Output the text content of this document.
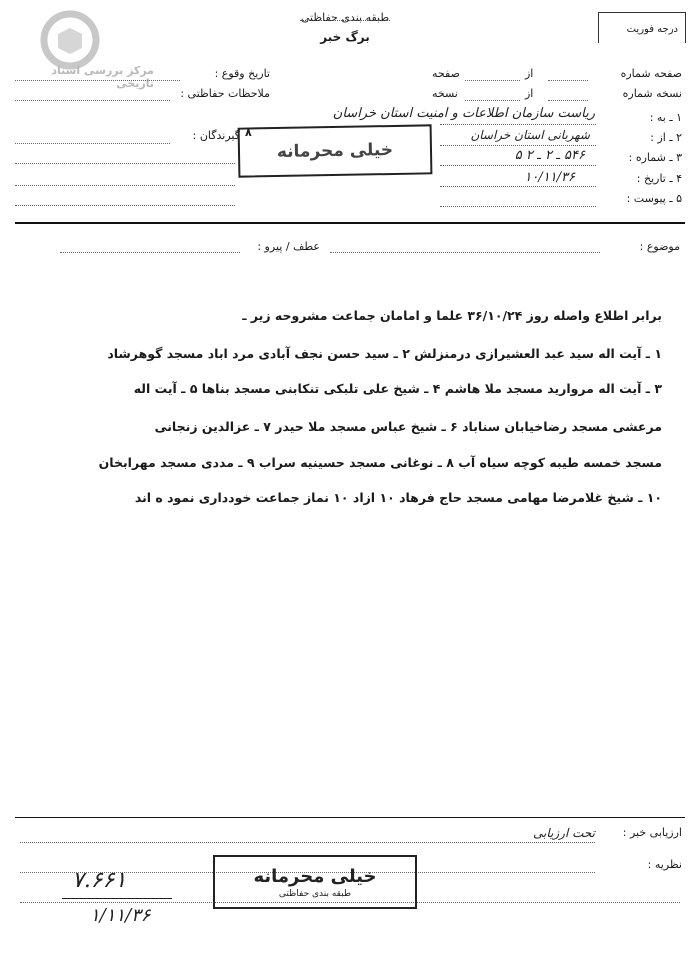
مرکز بررسی اسناد تاریخی
طبقه بندی حفاظتی
برگ خبر
درجه فوریت
صفحه شماره
نسخه شماره
از
از
صفحه
نسخه
تاریخ وقوع :
ملاحظات حفاظتی :
گیرندگان : ۸
۱ ـ به :
۲ ـ از :
۳ ـ شماره :
۴ ـ تاریخ :
۵ ـ پیوست :
ریاست سازمان اطلاعات و امنیت استان خراسان
شهربانی استان خراسان
۵۴۶ ـ ۲ ـ ۲ ۵
۱۰/۱۱/۳۶
خیلی محرمانه
موضوع :
عطف / پیرو :
برابر اطلاع واصله روز ۳۶/۱۰/۲۴ علما و امامان جماعت مشروحه زیر ـ
۱ ـ آیت اله سید عبد العشیرازی درمنزلش ۲ ـ سید حسن نجف آبادی مرد اباد مسجد گوهرشاد
۳ ـ آیت اله مروارید مسجد ملا هاشم ۴ ـ شیخ علی تلبکی تنکابنی مسجد بناها ۵ ـ آیت اله
مرعشی مسجد رضاخیابان سناباد ۶ ـ شیخ عباس مسجد ملا حیدر ۷ ـ عزالدین زنجانی
مسجد خمسه طیبه کوچه سیاه آب ۸ ـ نوغانی مسجد حسینیه سراب ۹ ـ مددی مسجد مهرابخان
۱۰ ـ شیخ غلامرضا مهامی مسجد حاج فرهاد ۱۰ ازاد ۱۰ نماز جماعت خودداری نمود ه اند
ارزیابی خبر :
تحت ارزیابی
نظریه :
۷.۶۶۱
۱/۱۱/۳۶
خیلی محرمانه
طبقه بندی حفاظتی
